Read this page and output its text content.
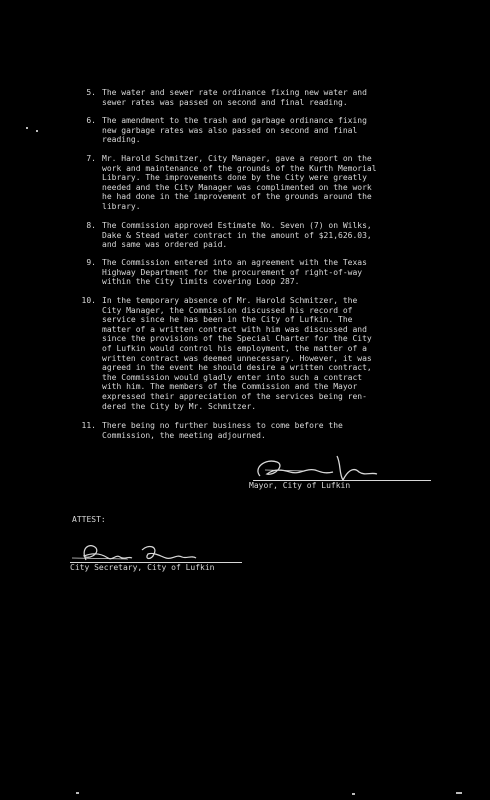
5. The water and sewer rate ordinance fixing new water and
sewer rates was passed on second and final reading.
6. The amendment to the trash and garbage ordinance fixing
new garbage rates was also passed on second and final
reading.
7. Mr. Harold Schmitzer, City Manager, gave a report on the
work and maintenance of the grounds of the Kurth Memorial
Library. The improvements done by the City were greatly
needed and the City Manager was complimented on the work
he had done in the improvement of the grounds around the
library.
8. The Commission approved Estimate No. Seven (7) on Wilks,
Dake & Stead water contract in the amount of $21,626.03,
and same was ordered paid.
9. The Commission entered into an agreement with the Texas
Highway Department for the procurement of right-of-way
within the City limits covering Loop 287.
10. In the temporary absence of Mr. Harold Schmitzer, the
City Manager, the Commission discussed his record of
service since he has been in the City of Lufkin. The
matter of a written contract with him was discussed and
since the provisions of the Special Charter for the City
of Lufkin would control his employment, the matter of a
written contract was deemed unnecessary. However, it was
agreed in the event he should desire a written contract,
the Commission would gladly enter into such a contract
with him. The members of the Commission and the Mayor
expressed their appreciation of the services being ren-
dered the City by Mr. Schmitzer.
11. There being no further business to come before the
Commission, the meeting adjourned.
Mayor, City of Lufkin
ATTEST:
City Secretary, City of Lufkin
